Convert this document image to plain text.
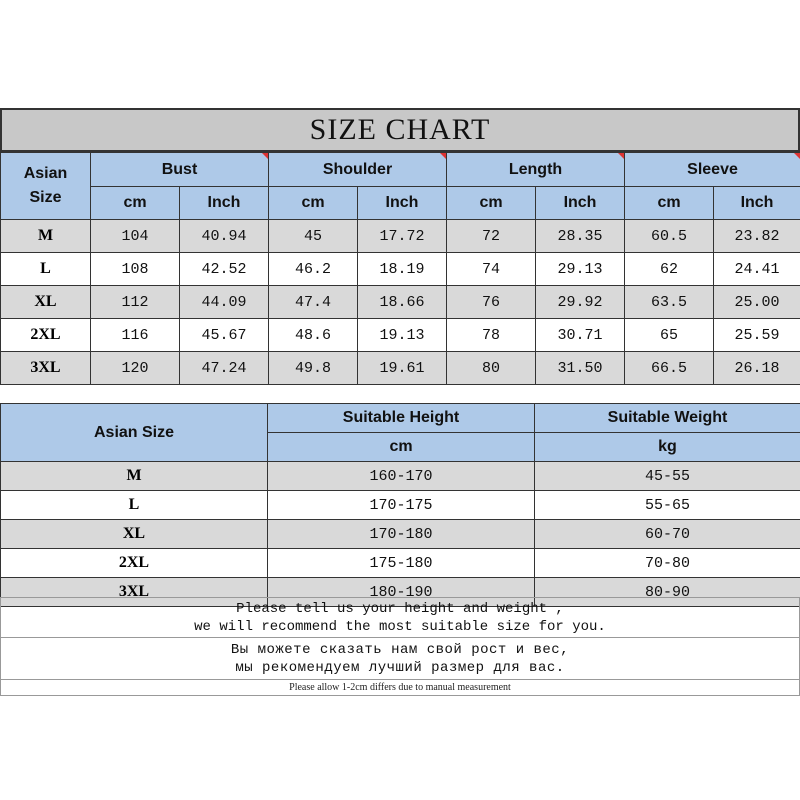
SIZE CHART
Asian
Size	Bust		Shoulder		Length		Sleeve	

	cm	Inch	cm	Inch	cm	Inch	cm	Inch
M	104	40.94	45	17.72	72	28.35	60.5	23.82
L	108	42.52	46.2	18.19	74	29.13	62	24.41
XL	112	44.09	47.4	18.66	76	29.92	63.5	25.00
2XL	116	45.67	48.6	19.13	78	30.71	65	25.59
3XL	120	47.24	49.8	19.61	80	31.50	66.5	26.18
Asian Size	Suitable Height	Suitable Weight
	cm	kg
M	160-170	45-55
L	170-175	55-65
XL	170-180	60-70
2XL	175-180	70-80
3XL	180-190	80-90
Please tell us your height and weight ,
we will recommend the most suitable size for you.
Вы можете сказать нам свой рост и вес,
мы рекомендуем лучший размер для вас.
Please allow 1-2cm differs due to manual measurement
